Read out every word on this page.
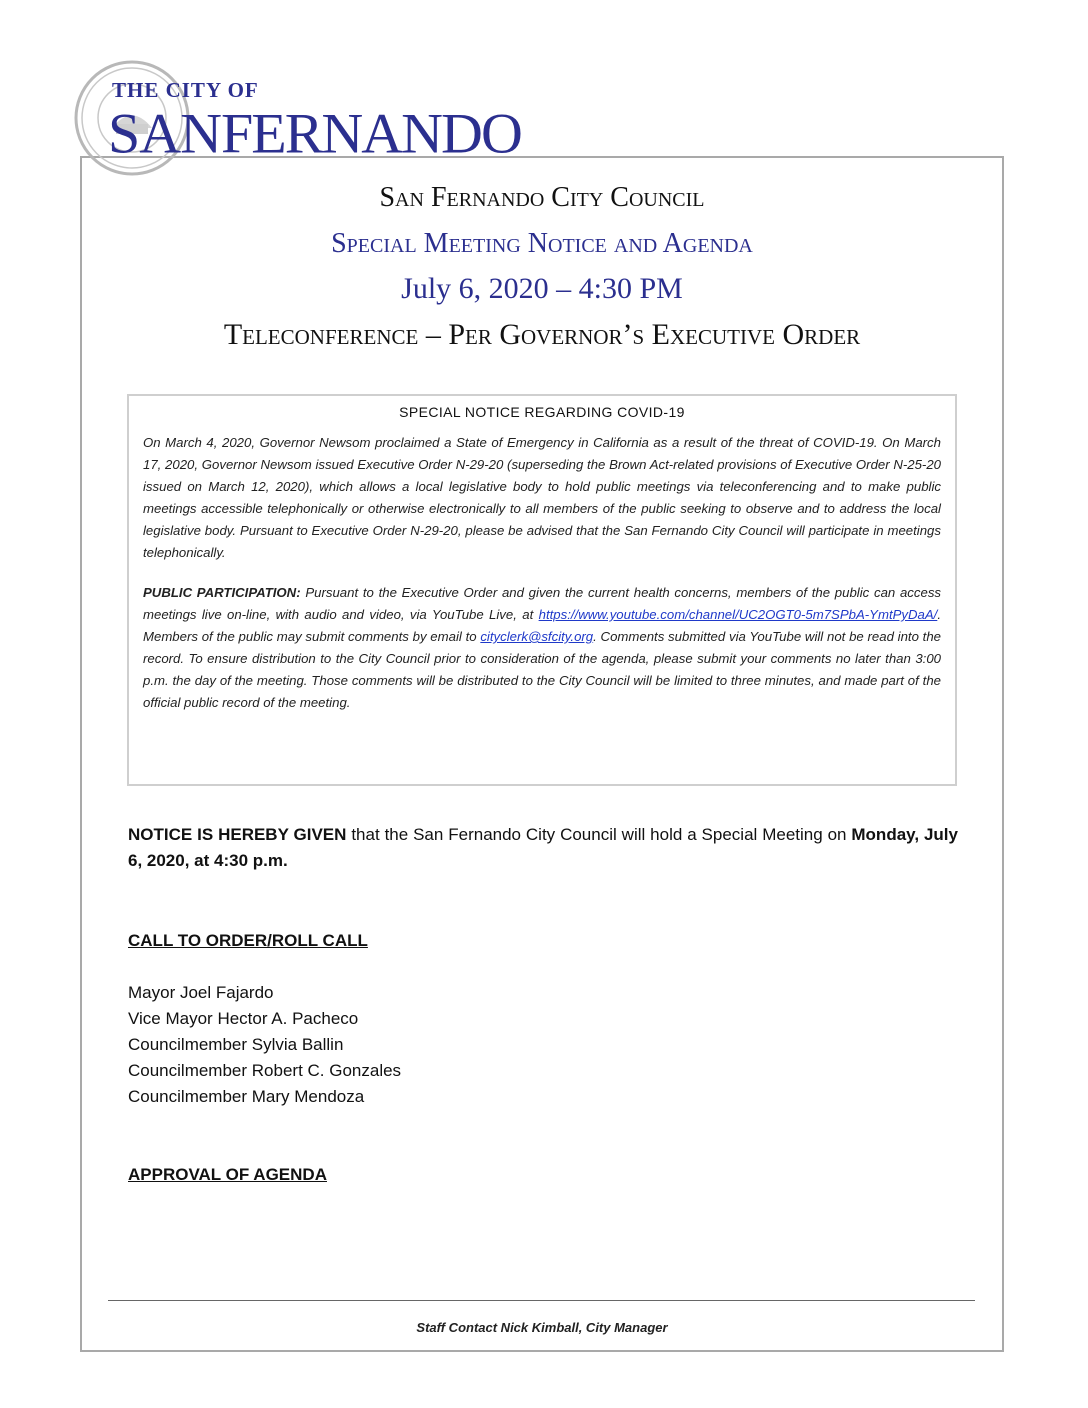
THE CITY OF
SANFERNANDO
San Fernando City Council
Special Meeting Notice and Agenda
July 6, 2020 – 4:30 PM
Teleconference – Per Governor’s Executive Order
SPECIAL NOTICE REGARDING COVID-19

On March 4, 2020, Governor Newsom proclaimed a State of Emergency in California as a result of the threat of COVID-19. On March 17, 2020, Governor Newsom issued Executive Order N-29-20 (superseding the Brown Act-related provisions of Executive Order N-25-20 issued on March 12, 2020), which allows a local legislative body to hold public meetings via teleconferencing and to make public meetings accessible telephonically or otherwise electronically to all members of the public seeking to observe and to address the local legislative body. Pursuant to Executive Order N-29-20, please be advised that the San Fernando City Council will participate in meetings telephonically.

PUBLIC PARTICIPATION: Pursuant to the Executive Order and given the current health concerns, members of the public can access meetings live on-line, with audio and video, via YouTube Live, at https://www.youtube.com/channel/UC2OGT0-5m7SPbA-YmtPyDaA/. Members of the public may submit comments by email to cityclerk@sfcity.org. Comments submitted via YouTube will not be read into the record. To ensure distribution to the City Council prior to consideration of the agenda, please submit your comments no later than 3:00 p.m. the day of the meeting. Those comments will be distributed to the City Council will be limited to three minutes, and made part of the official public record of the meeting.

NOTICE IS HEREBY GIVEN that the San Fernando City Council will hold a Special Meeting on Monday, July 6, 2020, at 4:30 p.m.
CALL TO ORDER/ROLL CALL
Mayor Joel Fajardo
Vice Mayor Hector A. Pacheco
Councilmember Sylvia Ballin
Councilmember Robert C. Gonzales
Councilmember Mary Mendoza
APPROVAL OF AGENDA
Staff Contact Nick Kimball, City Manager
